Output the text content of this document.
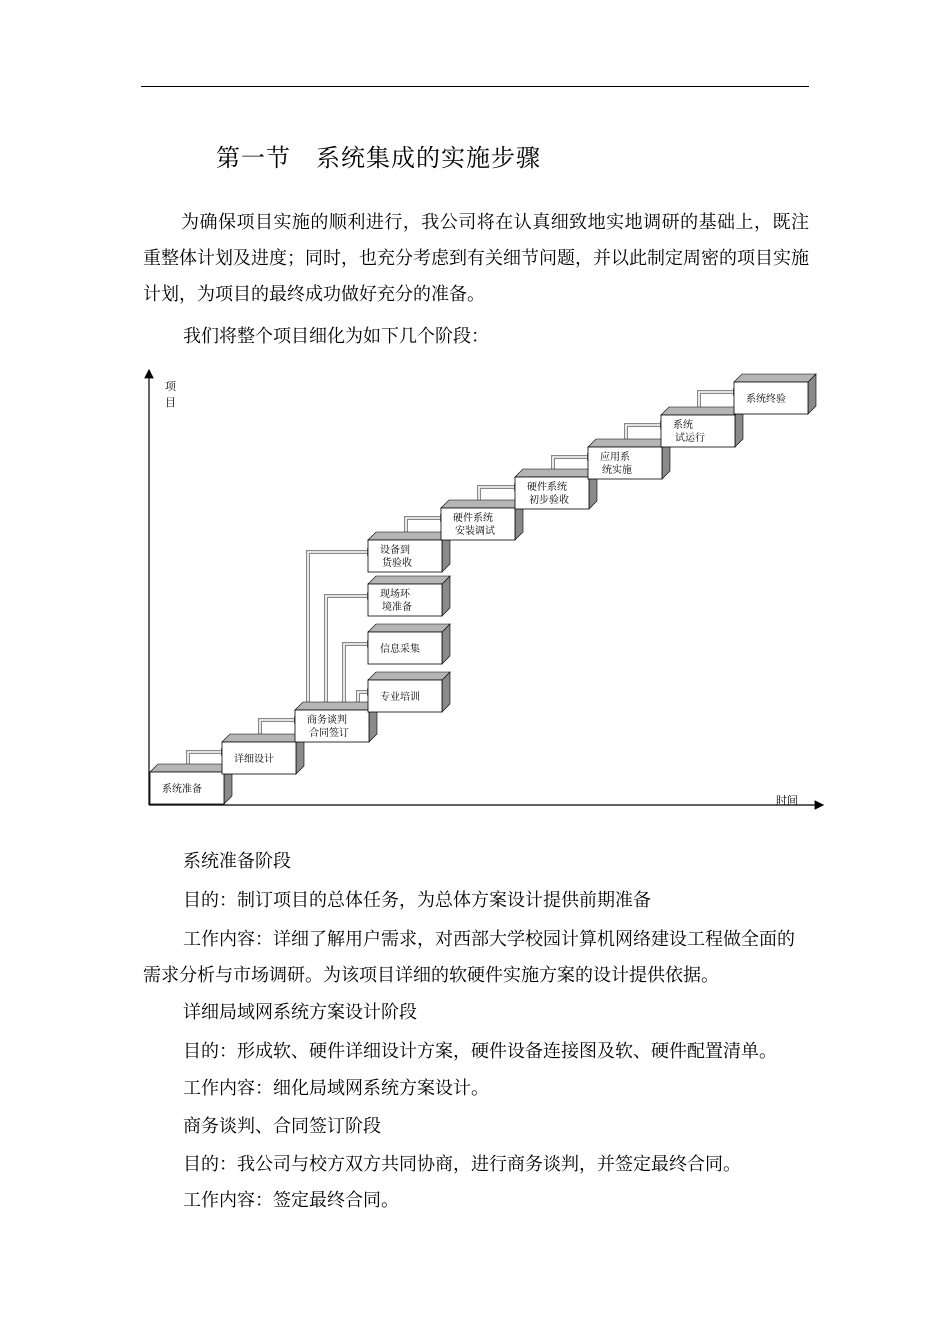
第一节　系统集成的实施步骤

为确保项目实施的顺利进行，我公司将在认真细致地实地调研的基础上，既注重整体计划及进度；同时，也充分考虑到有关细节问题，并以此制定周密的项目实施计划，为项目的最终成功做好充分的准备。

我们将整个项目细化为如下几个阶段：
项
目
时间
系统准备
详细设计
商务谈判
合同签订
专业培训
信息采集
现场环
境准备
设备到
货验收
硬件系统
安装调试
硬件系统
初步验收
应用系
统实施
系统
试运行
系统终验
系统准备阶段
目的：制订项目的总体任务，为总体方案设计提供前期准备

工作内容：详细了解用户需求，对西部大学校园计算机网络建设工程做全面的需求分析与市场调研。为该项目详细的软硬件实施方案的设计提供依据。

详细局域网系统方案设计阶段
目的：形成软、硬件详细设计方案，硬件设备连接图及软、硬件配置清单。
工作内容：细化局域网系统方案设计。
商务谈判、合同签订阶段
目的：我公司与校方双方共同协商，进行商务谈判，并签定最终合同。
工作内容：签定最终合同。
